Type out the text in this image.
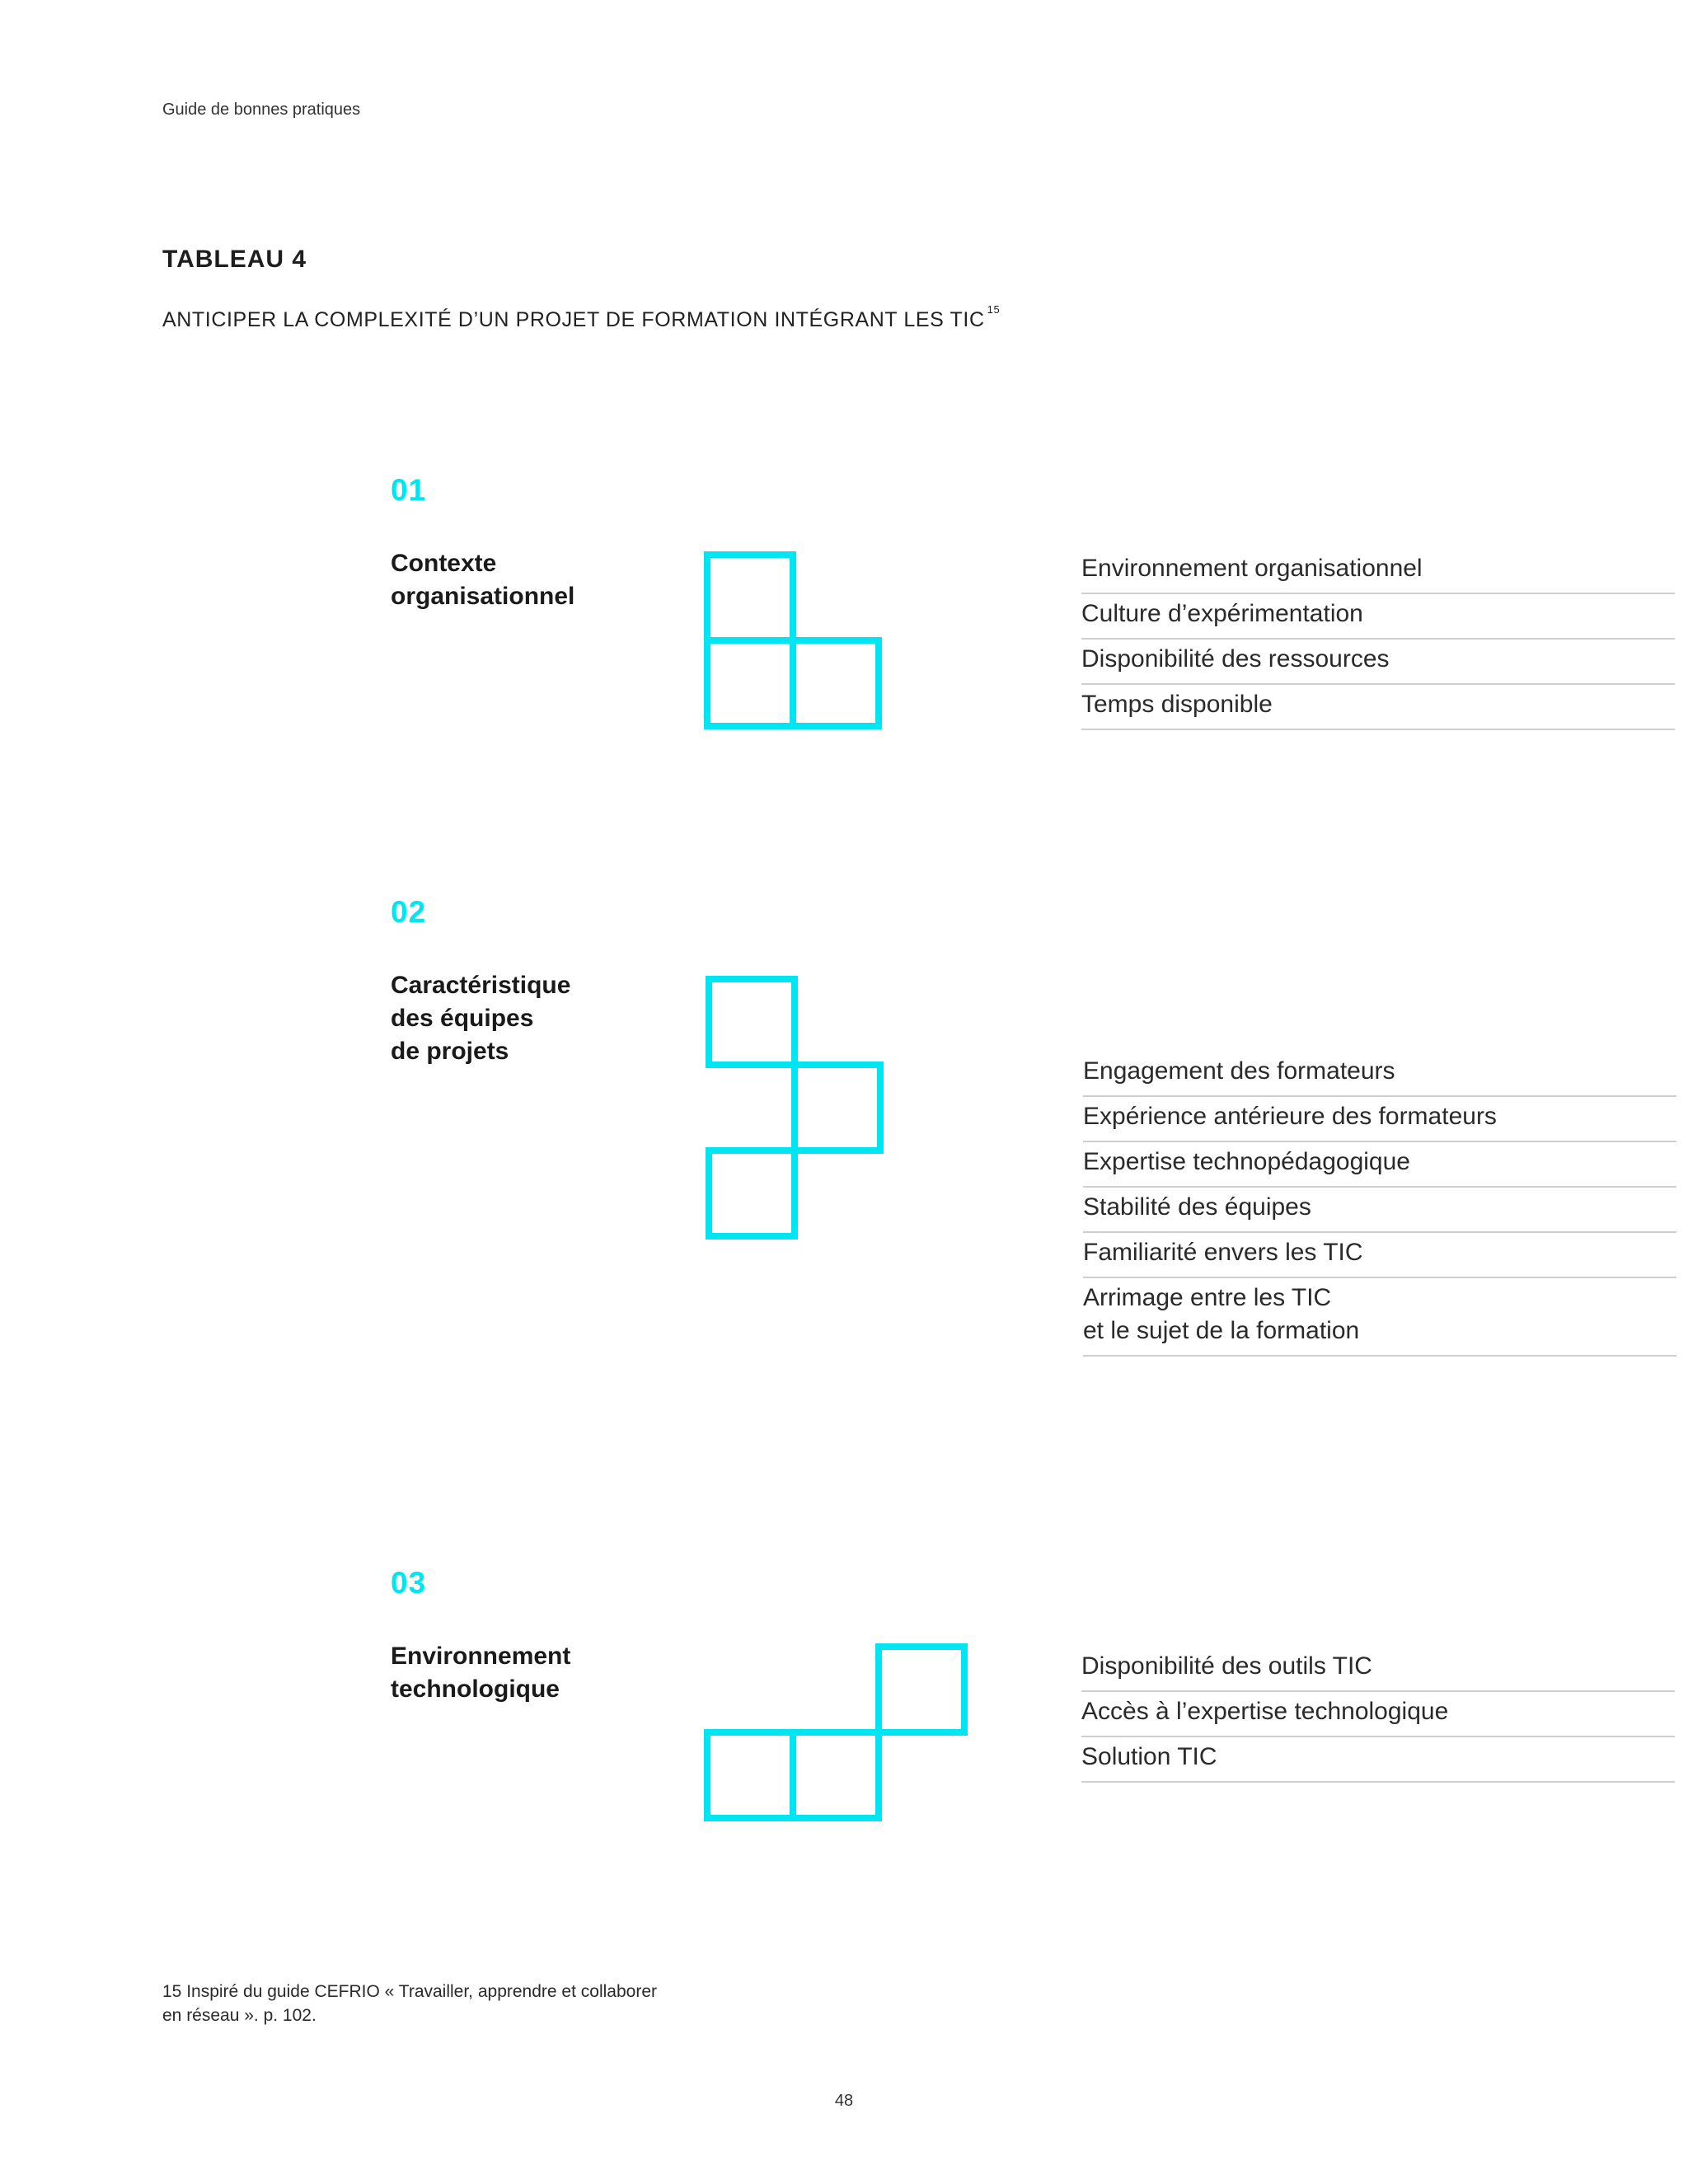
Guide de bonnes pratiques
TABLEAU 4
ANTICIPER LA COMPLEXITÉ D’UN PROJET DE FORMATION INTÉGRANT LES TIC $^{15}$
01
Contexte
organisationnel
Environnement organisationnel
Culture d’expérimentation
Disponibilité des ressources
Temps disponible
02
Caractéristique
des équipes
de projets
Engagement des formateurs
Expérience antérieure des formateurs
Expertise technopédagogique
Stabilité des équipes
Familiarité envers les TIC
Arrimage entre les TIC
et le sujet de la formation
03
Environnement
technologique
Disponibilité des outils TIC
Accès à l’expertise technologique
Solution TIC
15 Inspiré du guide CEFRIO « Travailler, apprendre et collaborer
en réseau ». p. 102.
48
